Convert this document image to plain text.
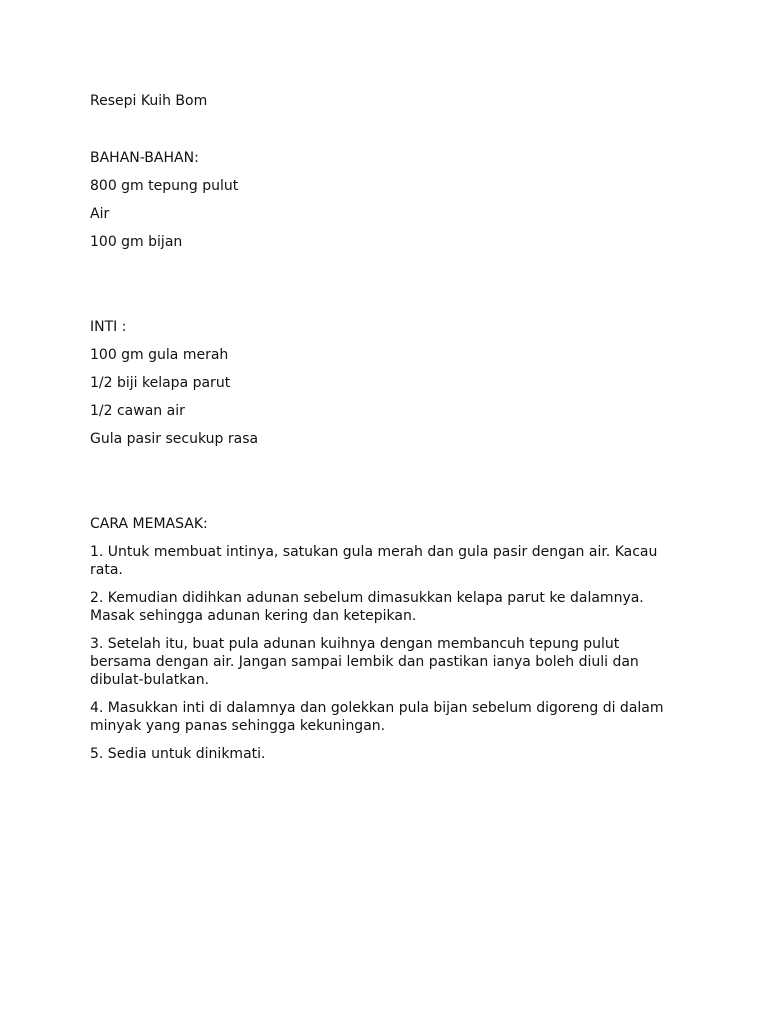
Resepi Kuih Bom

BAHAN-BAHAN:

800 gm tepung pulut
Air
100 gm bijan

INTI :

100 gm gula merah
1/2 biji kelapa parut
1/2 cawan air
Gula pasir secukup rasa

CARA MEMASAK:

1. Untuk membuat intinya, satukan gula merah dan gula pasir dengan air. Kacau rata.
2. Kemudian didihkan adunan sebelum dimasukkan kelapa parut ke dalamnya. Masak sehingga adunan kering dan ketepikan.
3. Setelah itu, buat pula adunan kuihnya dengan membancuh tepung pulut bersama dengan air. Jangan sampai lembik dan pastikan ianya boleh diuli dan dibulat-bulatkan.
4. Masukkan inti di dalamnya dan golekkan pula bijan sebelum digoreng di dalam minyak yang panas sehingga kekuningan.
5. Sedia untuk dinikmati.
